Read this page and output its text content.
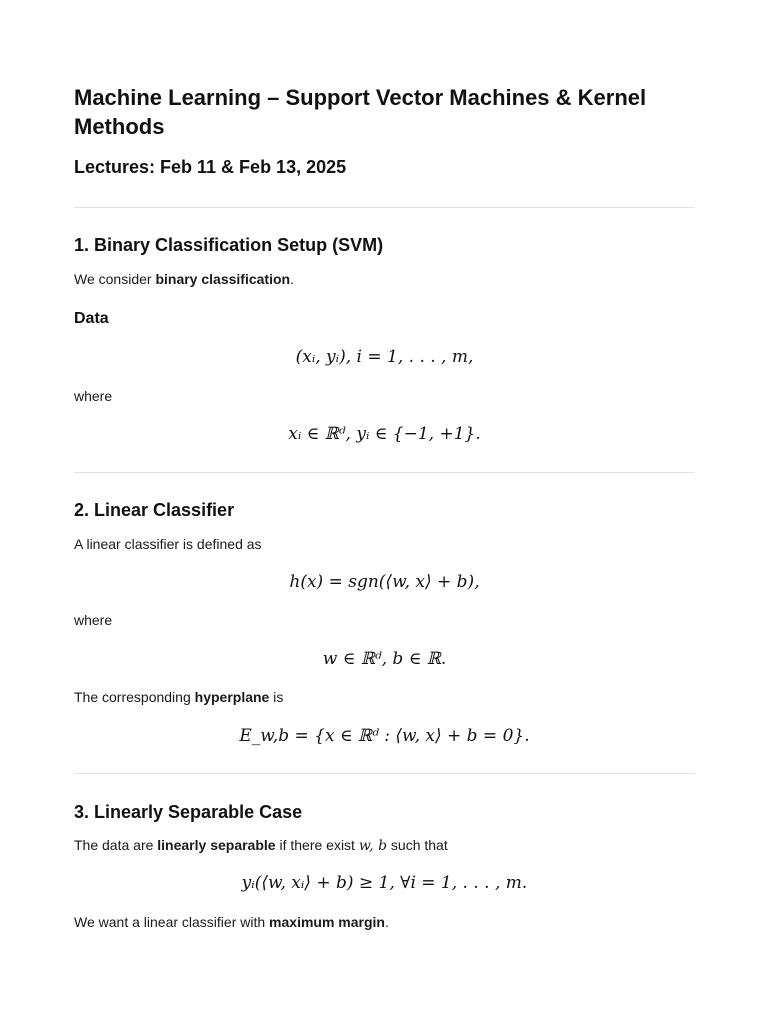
Machine Learning – Support Vector Machines & Kernel Methods
Lectures: Feb 11 & Feb 13, 2025
1. Binary Classification Setup (SVM)

We consider binary classification.

Data
(xᵢ, yᵢ), i = 1, . . . , m,

where

xᵢ ∈ ℝᵈ, yᵢ ∈ {−1, +1}.
2. Linear Classifier

A linear classifier is defined as

h(x) = sgn(⟨w, x⟩ + b),

where

w ∈ ℝᵈ, b ∈ ℝ.

The corresponding hyperplane is

E_w,b = {x ∈ ℝᵈ : ⟨w, x⟩ + b = 0}.
3. Linearly Separable Case

The data are linearly separable if there exist w, b such that

yᵢ(⟨w, xᵢ⟩ + b) ≥ 1, ∀i = 1, . . . , m.

We want a linear classifier with maximum margin.
